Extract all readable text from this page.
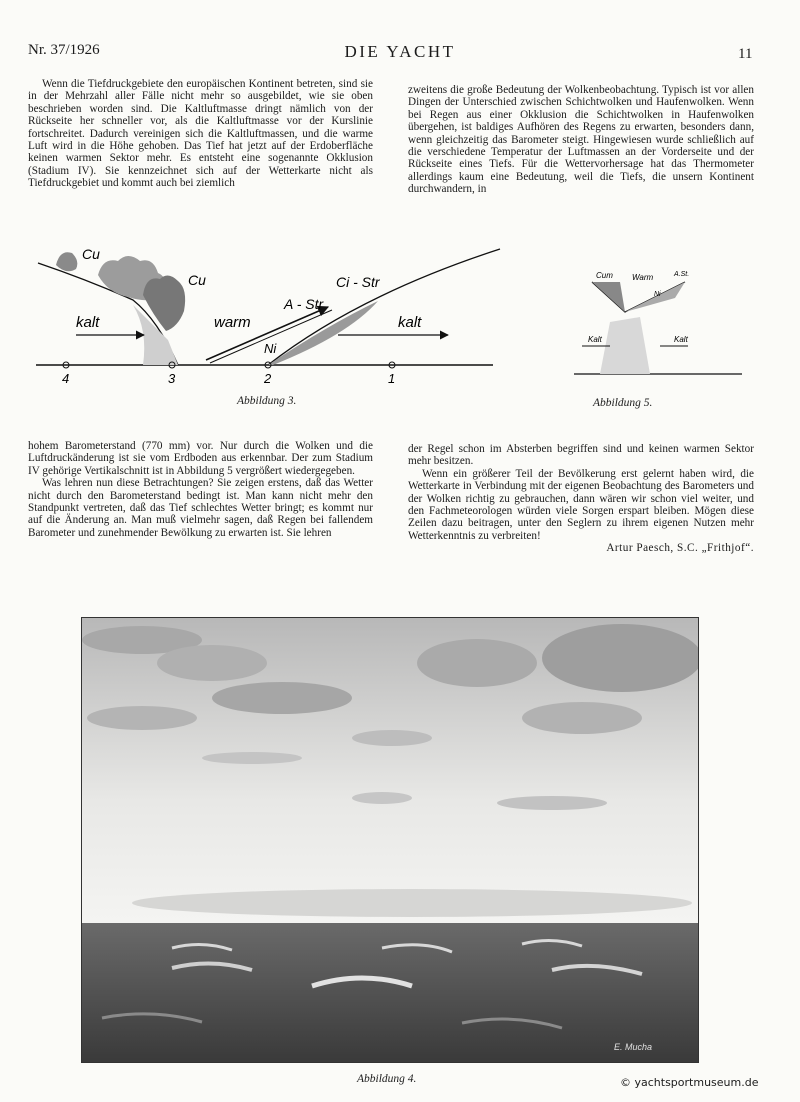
Nr. 37/1926	DIE YACHT	11

Wenn die Tiefdruckgebiete den europäischen Kontinent betreten, sind sie in der Mehrzahl aller Fälle nicht mehr so ausgebildet, wie sie oben beschrieben worden sind. Die Kaltluftmasse dringt nämlich von der Rückseite her schneller vor, als die Kaltluftmasse vor der Kurslinie fortschreitet. Dadurch vereinigen sich die Kaltluftmassen, und die warme Luft wird in die Höhe gehoben. Das Tief hat jetzt auf der Erdoberfläche keinen warmen Sektor mehr. Es entsteht eine sogenannte Okklusion (Stadium IV). Sie kennzeichnet sich auf der Wetterkarte nicht als Tiefdruckgebiet und kommt auch bei ziemlich

zweitens die große Bedeutung der Wolkenbeobachtung. Typisch ist vor allen Dingen der Unterschied zwischen Schichtwolken und Haufenwolken. Wenn bei Regen aus einer Okklusion die Schichtwolken in Haufenwolken übergehen, ist baldiges Aufhören des Regens zu erwarten, besonders dann, wenn gleichzeitig das Barometer steigt. Hingewiesen wurde schließlich auf die verschiedene Temperatur der Luftmassen an der Vorderseite und der Rückseite eines Tiefs. Für die Wettervorhersage hat das Thermometer allerdings kaum eine Bedeutung, weil die Tiefs, die unsern Kontinent durchwandern, in

Cu
Cu
kalt	warm
Ci - Str
A - Str
Ni
kalt
4	3	2	1
Abbildung 3.
Cum Warm	A.St.
Ni
Kalt	Kalt
Abbildung 5.

hohem Barometerstand (770 mm) vor. Nur durch die Wolken und die Luftdruckänderung ist sie vom Erdboden aus erkennbar. Der zum Stadium IV gehörige Vertikalschnitt ist in Abbildung 5 vergrößert wiedergegeben.

Was lehren nun diese Betrachtungen? Sie zeigen erstens, daß das Wetter nicht durch den Barometerstand bedingt ist. Man kann nicht mehr den Standpunkt vertreten, daß das Tief schlechtes Wetter bringt; es kommt nur auf die Änderung an. Man muß vielmehr sagen, daß Regen bei fallendem Barometer und zunehmender Bewölkung zu erwarten ist. Sie lehren

der Regel schon im Absterben begriffen sind und keinen warmen Sektor mehr besitzen.

Wenn ein größerer Teil der Bevölkerung erst gelernt haben wird, die Wetterkarte in Verbindung mit der eigenen Beobachtung des Barometers und der Wolken richtig zu gebrauchen, dann wären wir schon viel weiter, und den Fachmeteorologen würden viele Sorgen erspart bleiben. Mögen diese Zeilen dazu beitragen, unter den Seglern zu ihrem eigenen Nutzen mehr Wetterkenntnis zu verbreiten!

Artur Paesch, S.C. „Frithjof“.

E. Mucha
Abbildung 4.	© yachtsportmuseum.de
